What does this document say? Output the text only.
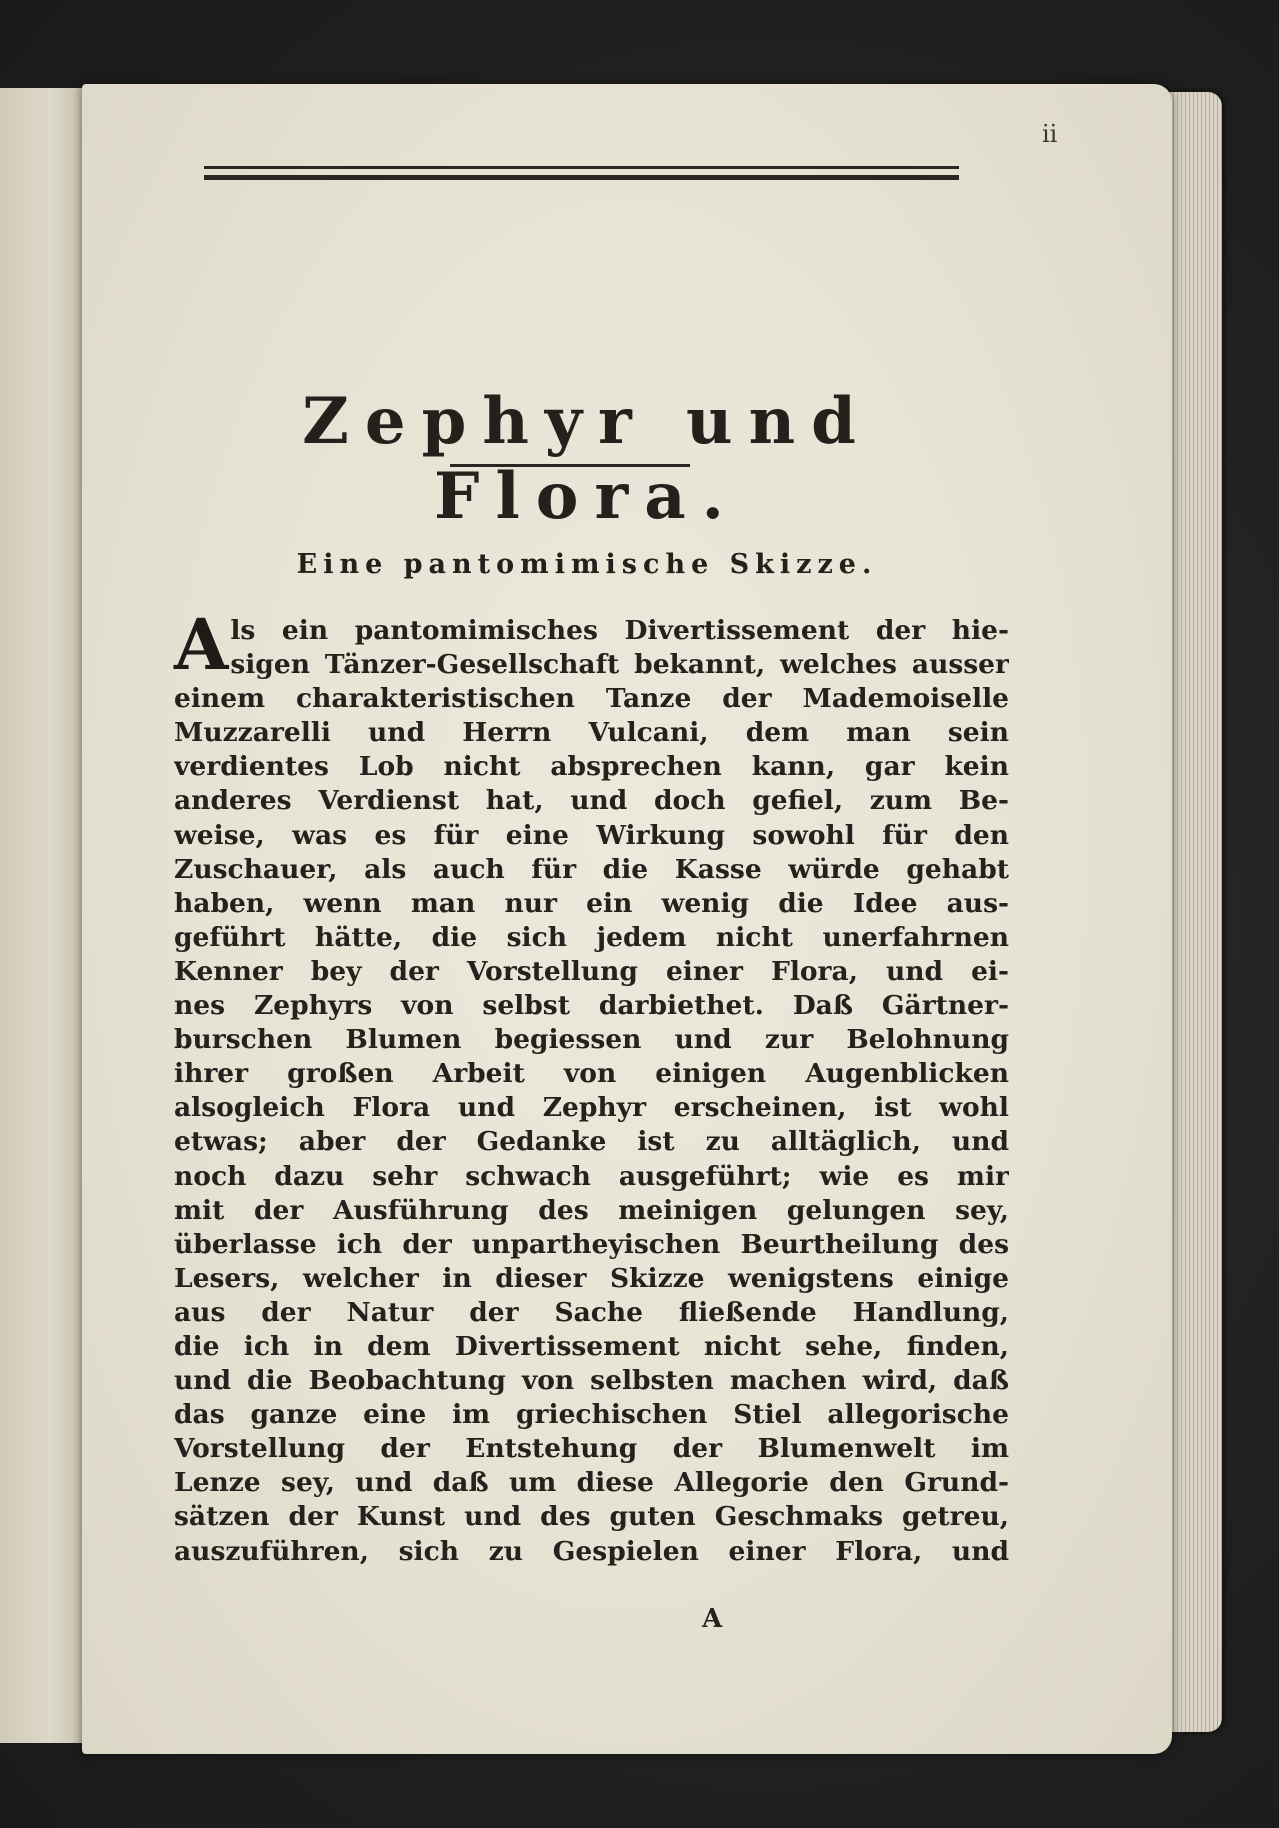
ii
Zephyr und Flora.
Eine pantomimische Skizze.
A ls ein pantomimisches Divertissement der hie-
sigen Tänzer-Gesellschaft bekannt, welches ausser
einem charakteristischen Tanze der Mademoiselle
Muzzarelli und Herrn Vulcani, dem man sein
verdientes Lob nicht absprechen kann, gar kein
anderes Verdienst hat, und doch gefiel, zum Be-
weise, was es für eine Wirkung sowohl für den
Zuschauer, als auch für die Kasse würde gehabt
haben, wenn man nur ein wenig die Idee aus-
geführt hätte, die sich jedem nicht unerfahrnen
Kenner bey der Vorstellung einer Flora, und ei-
nes Zephyrs von selbst darbiethet. Daß Gärtner-
burschen Blumen begiessen und zur Belohnung
ihrer großen Arbeit von einigen Augenblicken
alsogleich Flora und Zephyr erscheinen, ist wohl
etwas; aber der Gedanke ist zu alltäglich, und
noch dazu sehr schwach ausgeführt; wie es mir
mit der Ausführung des meinigen gelungen sey,
überlasse ich der unpartheyischen Beurtheilung des
Lesers, welcher in dieser Skizze wenigstens einige
aus der Natur der Sache fließende Handlung,
die ich in dem Divertissement nicht sehe, finden,
und die Beobachtung von selbsten machen wird, daß
das ganze eine im griechischen Stiel allegorische
Vorstellung der Entstehung der Blumenwelt im
Lenze sey, und daß um diese Allegorie den Grund-
sätzen der Kunst und des guten Geschmaks getreu,
auszuführen, sich zu Gespielen einer Flora, und
A
